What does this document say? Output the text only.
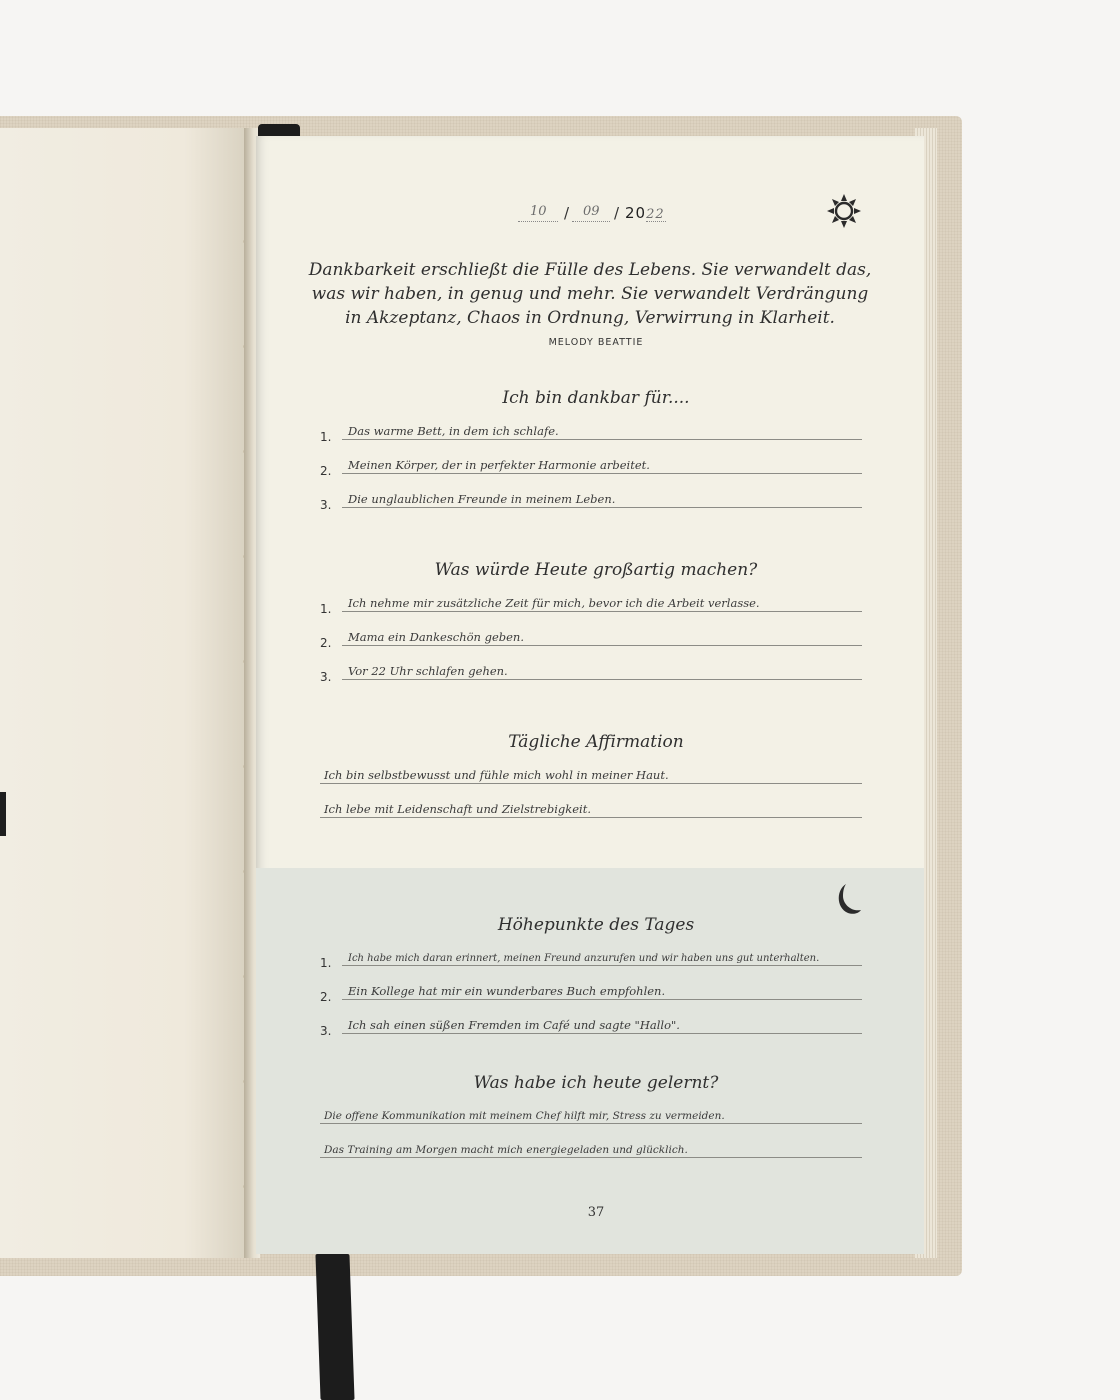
10 / 09 / 2022
Dankbarkeit erschließt die Fülle des Lebens. Sie verwandelt das,
was wir haben, in genug und mehr. Sie verwandelt Verdrängung
in Akzeptanz, Chaos in Ordnung, Verwirrung in Klarheit.
MELODY BEATTIE
Ich bin dankbar für....
1. Das warme Bett, in dem ich schlafe.
2. Meinen Körper, der in perfekter Harmonie arbeitet.
3. Die unglaublichen Freunde in meinem Leben.
Was würde Heute großartig machen?
1. Ich nehme mir zusätzliche Zeit für mich, bevor ich die Arbeit verlasse.
2. Mama ein Dankeschön geben.
3. Vor 22 Uhr schlafen gehen.
Tägliche Affirmation
Ich bin selbstbewusst und fühle mich wohl in meiner Haut.
Ich lebe mit Leidenschaft und Zielstrebigkeit.
Höhepunkte des Tages
1. Ich habe mich daran erinnert, meinen Freund anzurufen und wir haben uns gut unterhalten.
2. Ein Kollege hat mir ein wunderbares Buch empfohlen.
3. Ich sah einen süßen Fremden im Café und sagte "Hallo".
Was habe ich heute gelernt?
Die offene Kommunikation mit meinem Chef hilft mir, Stress zu vermeiden.
Das Training am Morgen macht mich energiegeladen und glücklich.
37
